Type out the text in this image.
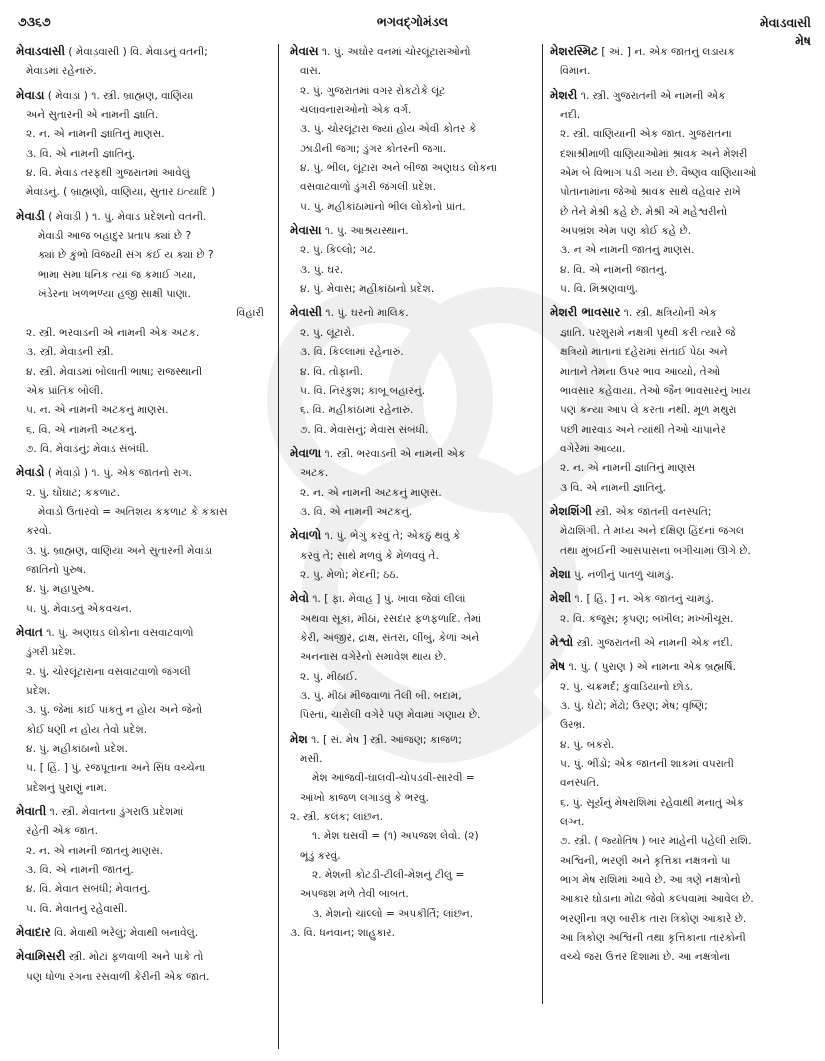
૭૩૬૭	ભગવદ્ગોમંડલ	મેવાડવાસી
મેષ
મેવાડવાસી ( મેવાડ઼વાસી ) વિ. મેવાડનું વતની;
મેવાડમાં રહેનારું.
મેવાડા ( મેવાડ઼ા ) ૧. સ્ત્રી. બ્રાહ્મણ, વાણિયા
અને સુતારની એ નામની જ્ઞાતિ.
૨. ન. એ નામની જ્ઞાતિનું માણસ.
૩. વિ. એ નામની જ્ઞાતિનું.
૪. વિ. મેવાડ તરફથી ગુજરાતમાં આવેલું
મેવાડનું. ( બ્રાહ્મણો, વાણિયા, સુતાર ઇત્યાદિ )
મેવાડી ( મેવાડ઼ી ) ૧. પું. મેવાડ પ્રદેશનો વતની.
મેવાડી આજ બહાદુર પ્રતાપ ક્યાં છે ?
ક્યાં છે કુંભો વિજયી સંગ કંઈ ય ક્યાં છે ?
ભામા સમા ધનિક ત્યાં જ કમાઈ ગયા,
ખંડેરના ખળભળ્યા હજી સાક્ષી પાણા.
વિહારી
૨. સ્ત્રી. ભરવાડની એ નામની એક અટક.
૩. સ્ત્રી. મેવાડની સ્ત્રી.
૪. સ્ત્રી. મેવાડમાં બોલાતી ભાષા; રાજસ્થાની
એક પ્રાંતિક બોલી.
૫. ન. એ નામની અટકનું માણસ.
૬. વિ. એ નામની અટકનું.
૭. વિ. મેવાડનું; મેવાડ સંબંધી.
મેવાડો ( મેવાડ઼ો ) ૧. પું. એક જાતનો રાગ.
૨. પું. ઘોંઘાટ; કકળાટ.
મેવાડો ઉતારવો = અતિશય કકળાટ કે કંકાસ
કરવો.
૩. પું. બ્રાહ્મણ, વાણિયા અને સુતારની મેવાડા
જાતિનો પુરુષ.
૪. પું. મહાપુરુષ.
૫. પું. મેવાડનું એકવચન.
મેવાત ૧. પું. અણઘડ લોકોના વસવાટવાળો
ડુંગરી પ્રદેશ.
૨. પું. ચોરલૂંટારાના વસવાટવાળો જંગલી
પ્રદેશ.
૩. પું. જેમાં કાંઈ પાકતું ન હોય અને જેનો
કોઈ ધણી ન હોય તેવો પ્રદેશ.
૪. પું. મહીકાંઠાનો પ્રદેશ.
૫. [ હિં. ] પું. રજપૂતાના અને સિંધ વચ્ચેના
પ્રદેશનું પુરાણું નામ.
મેવાતી ૧. સ્ત્રી. મેવાતના ડુંગરાઉ પ્રદેશમાં
રહેતી એક જાત.
૨. ન. એ નામની જાતનું માણસ.
૩. વિ. એ નામની જાતનું.
૪. વિ. મેવાત સંબંધી; મેવાતનું.
૫. વિ. મેવાતનું રહેવાસી.
મેવાદાર વિ. મેવાથી ભરેલું; મેવાથી બનાવેલું.
મેવામિસરી સ્ત્રી. મોટાં ફળવાળી અને પાકે તો
પણ ધોળા રંગના રસવાળી કેરીની એક જાત.
મેવાસ ૧. પું. અઘોર વનમાં ચોરલૂંટારાઓનો
વાસ.
૨. પું. ગુજરાતમાં વગર રોકટોકે લૂંટ
ચલાવનારાઓનો એક વર્ગ.
૩. પું. ચોરલૂંટારા જ્યાં હોય એવી કોતર કે
ઝાડીની જગા; ડુંગર કોતરની જગા.
૪. પું. ભીલ, લૂંટારા અને બીજા અણઘડ લોકના
વસવાટવાળો ડુંગરી જંગલી પ્રદેશ.
૫. પું. મહીકાંઠામાંનો ભીલ લોકોનો પ્રાંત.
મેવાસા ૧. પું. આશ્રયસ્થાન.
૨. પું. કિલ્લો; ગઢ.
૩. પું. ઘર.
૪. પું. મેવાસ; મહીકાંઠાનો પ્રદેશ.
મેવાસી ૧. પું. ઘરનો માલિક.
૨. પું. લૂંટારો.
૩. વિ. કિલ્લામાં રહેનારું.
૪. વિ. તોફાની.
૫. વિ. નિરંકુશ; કાબૂ બહારનું.
૬. વિ. મહીકાંઠામાં રહેનારું.
૭. વિ. મેવાસનું; મેવાસ સંબંધી.
મેવાળા ૧. સ્ત્રી. ભરવાડની એ નામની એક
અટક.
૨. ન. એ નામની અટકનું માણસ.
૩. વિ. એ નામની અટકનું.
મેવાળો ૧. પું. ભેગું કરવું તે; એકઠું થવું કે
કરવું તે; સાથે મળવું કે મેળવવું તે.
૨. પું. મેળો; મેદની; ઠઠ.
મેવો ૧. [ ફા. મેવાહ ] પું. ખાવા જેવાં લીલાં
અથવા સૂકાં, મીઠાં, રસદાર ફળફળાદિ. તેમાં
કેરી, અંજીર, દ્રાક્ષ, સંતરા, લીંબું, કેળાં અને
અનનાસ વગેરેનો સમાવેશ થાય છે.
૨. પું. મીઠાઈ.
૩. પું. મીઠાં મીજવાળાં તૈલી બી. બદામ,
પિસ્તાં, ચારોલી વગેરે પણ મેવામાં ગણાય છે.
મેશ ૧. [ સં. મેષ ] સ્ત્રી. આંજણ; કાજળ;
મસી.
મેશ આંજવી-ઘાલવી-ચોપડવી-સારવી =
આંખો કાજળ લગાડવું કે ભરવું.
૨. સ્ત્રી. કલંક; લાંછન.
૧. મેશ ઘસવી = (૧) અપજશ લેવો. (૨)
ભૂંડું કરવું.
૨. મેશની કોટડી-ટીલી-મેશનું ટીલું =
અપજશ મળે તેવી બાબત.
૩. મેશનો ચાંલ્લો = અપકીર્તિ; લાંછન.
૩. વિ. ધનવાન; શાહુકાર.
મેશરસ્મિટ [ અં. ] ન. એક જાતનું લડાયક
વિમાન.
મેશરી ૧. સ્ત્રી. ગુજરાતની એ નામની એક
નદી.
૨. સ્ત્રી. વાણિયાની એક જાત. ગુજરાતના
દશાશ્રીમાળી વાણિયાઓમાં શ્રાવક અને મેશરી
એમ બે વિભાગ પડી ગયા છે. વૈષ્ણવ વાણિયાઓ
પોતાનામાંના જેઓ શ્રાવક સાથે વહેવાર રાખે
છે તેને મેશ્રી કહે છે. મેશ્રી એ મહેશ્વરીનો
અપભ્રંશ એમ પણ કોઈ કહે છે.
૩. ન એ નામની જાતનું માણસ.
૪. વિ. એ નામની જાતનું.
૫. વિ. મિશ્રણવાળું.
મેશરી ભાવસાર ૧. સ્ત્રી. ક્ષત્રિયોની એક
જ્ઞાતિ. પરશુરામે નક્ષત્રી પૃથ્વી કરી ત્યારે જે
ક્ષત્રિયો માતાનાં દહેરામાં સંતાઈ પેઠા અને
માતાને તેમના ઉપર ભાવ આવ્યો, તેઓ
ભાવસાર કહેવાયા. તેઓ જૈન ભાવસારનું ખાય
પણ કન્યા આપ લે કરતા નથી. મૂળ મથુરા
પછી મારવાડ અને ત્યાંથી તેઓ ચાંપાનેર
વગેરેમાં આવ્યા.
૨. ન. એ નામની જ્ઞાતિનું માણસ
૩ વિ. એ નામની જ્ઞાતિનું.
મેશશિંગી સ્ત્રી. એક જાતની વનસ્પતિ;
મેઢાશિંગી. તે મધ્ય અને દક્ષિણ હિંદનાં જંગલ
તથા મુંબઈની આસપાસના બગીચામાં ઊગે છે.
મેશા પું. નળીનું પાતળું ચામડું.
મેશી ૧. [ હિં. ] ન. એક જાતનું ચામડું.
૨. વિ. કંજૂસ; કૃપણ; બખીલ; મખ્ખીચૂસ.
મેશ્વો સ્ત્રી. ગુજરાતની એ નામની એક નદી.
મેષ ૧. પું. ( પુરાણ ) એ નામના એક બ્રહ્મર્ષિ.
૨. પું. ચક્રમર્દ; કુવાડિયાનો છોડ.
૩. પું. ઘેટો; મેંઢો; ઉરણ; મેષ; વૃષ્ણિ;
ઉરભ્ર.
૪. પું. બકરો.
૫. પું. ભીંડો; એક જાતની શાકમાં વપરાતી
વનસ્પતિ.
૬. પું. સૂર્યનું મેષરાશિમાં રહેવાથી મનાતું એક
લગ્ન.
૭. સ્ત્રી. ( જ્યોતિષ ) બાર માંહેની પહેલી રાશિ.
અશ્વિની, ભરણી અને કૃત્તિકા નક્ષત્રનો પા
ભાગ મેષ રાશિમાં આવે છે. આ ત્રણે નક્ષત્રોનો
આકાર ઘોડાના મોઢા જેવો કલ્પવામાં આવેલ છે.
ભરણીના ત્રણ બારીક તારા ત્રિકોણ આકારે છે.
આ ત્રિકોણ અશ્વિની તથા કૃત્તિકાના તારકોની
વચ્ચે જરા ઉત્તર દિશામાં છે. આ નક્ષત્રોના
